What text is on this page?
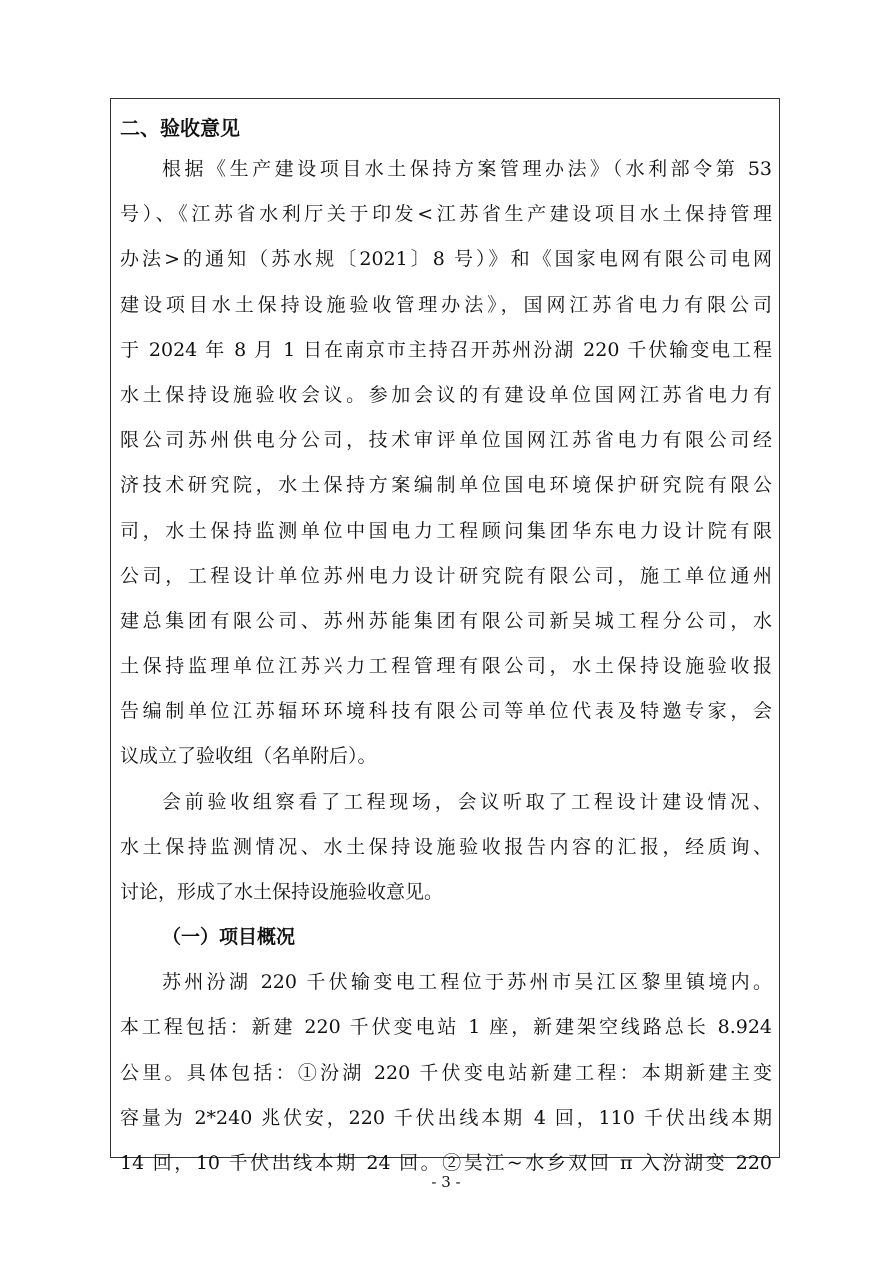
二、验收意见
根据《生产建设项目水土保持方案管理办法》（水利部令第 53
号）、《江苏省水利厅关于印发<江苏省生产建设项目水土保持管理
办法>的通知（苏水规〔2021〕8 号）》和《国家电网有限公司电网
建设项目水土保持设施验收管理办法》，国网江苏省电力有限公司
于 2024 年 8 月 1 日在南京市主持召开苏州汾湖 220 千伏输变电工程
水土保持设施验收会议。参加会议的有建设单位国网江苏省电力有
限公司苏州供电分公司，技术审评单位国网江苏省电力有限公司经
济技术研究院，水土保持方案编制单位国电环境保护研究院有限公
司，水土保持监测单位中国电力工程顾问集团华东电力设计院有限
公司，工程设计单位苏州电力设计研究院有限公司，施工单位通州
建总集团有限公司、苏州苏能集团有限公司新吴城工程分公司，水
土保持监理单位江苏兴力工程管理有限公司，水土保持设施验收报
告编制单位江苏辐环环境科技有限公司等单位代表及特邀专家，会
议成立了验收组（名单附后）。
会前验收组察看了工程现场，会议听取了工程设计建设情况、
水土保持监测情况、水土保持设施验收报告内容的汇报，经质询、
讨论，形成了水土保持设施验收意见。
（一）项目概况
苏州汾湖 220 千伏输变电工程位于苏州市吴江区黎里镇境内。
本工程包括：新建 220 千伏变电站 1 座，新建架空线路总长 8.924
公里。具体包括：①汾湖 220 千伏变电站新建工程：本期新建主变
容量为 2*240 兆伏安，220 千伏出线本期 4 回，110 千伏出线本期
14 回，10 千伏出线本期 24 回。②吴江~水乡双回 π 入汾湖变 220
- 3 -
